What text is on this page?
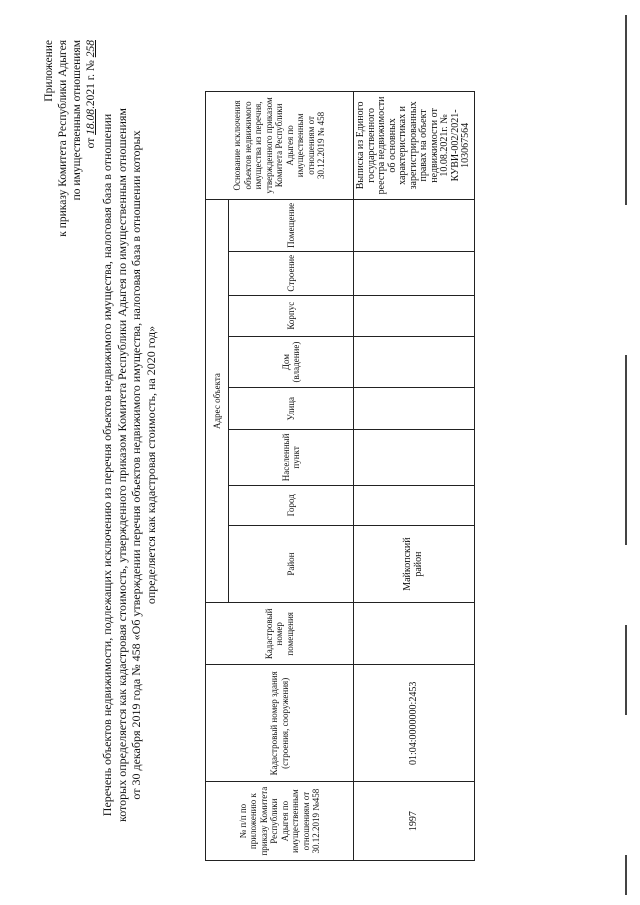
Приложение к приказу Комитета Республики Адыгея по имущественным отношениям от 18.08.2021 г. № 258
Перечень объектов недвижимости, подлежащих исключению из перечня объектов недвижимого имущества, налоговая база в отношении которых определяется как кадастровая стоимость, утвержденного приказом Комитета Республики Адыгея по имущественным отношениям от 30 декабря 2019 года № 458 «Об утверждении перечня объектов недвижимого имущества, налоговая база в отношении которых определяется как кадастровая стоимость, на 2020 год»
№ п/п по приложению к приказу Комитета Республики Адыгея по имущественным отношениям от 30.12.2019 №458	Кадастровый номер здания (строения, сооружения)	Кадастровый номер помещения	Адрес объекта								Основание исключения объектов недвижимого имущества из перечня, утвержденного приказом Комитета Республики Адыгея по имущественным отношениям от 30.12.2019 № 458
			Район	Город	Населенный пункт	Улица	Дом (владение)	Корпус	Строение	Помещение	
1997	01:04:0000000:2453		Майкопский район								Выписка из Единого государственного реестра недвижимости об основных характеристиках и зарегистрированных правах на объект недвижимости от 10.08.2021г. № КУВИ-002/2021-103067564
